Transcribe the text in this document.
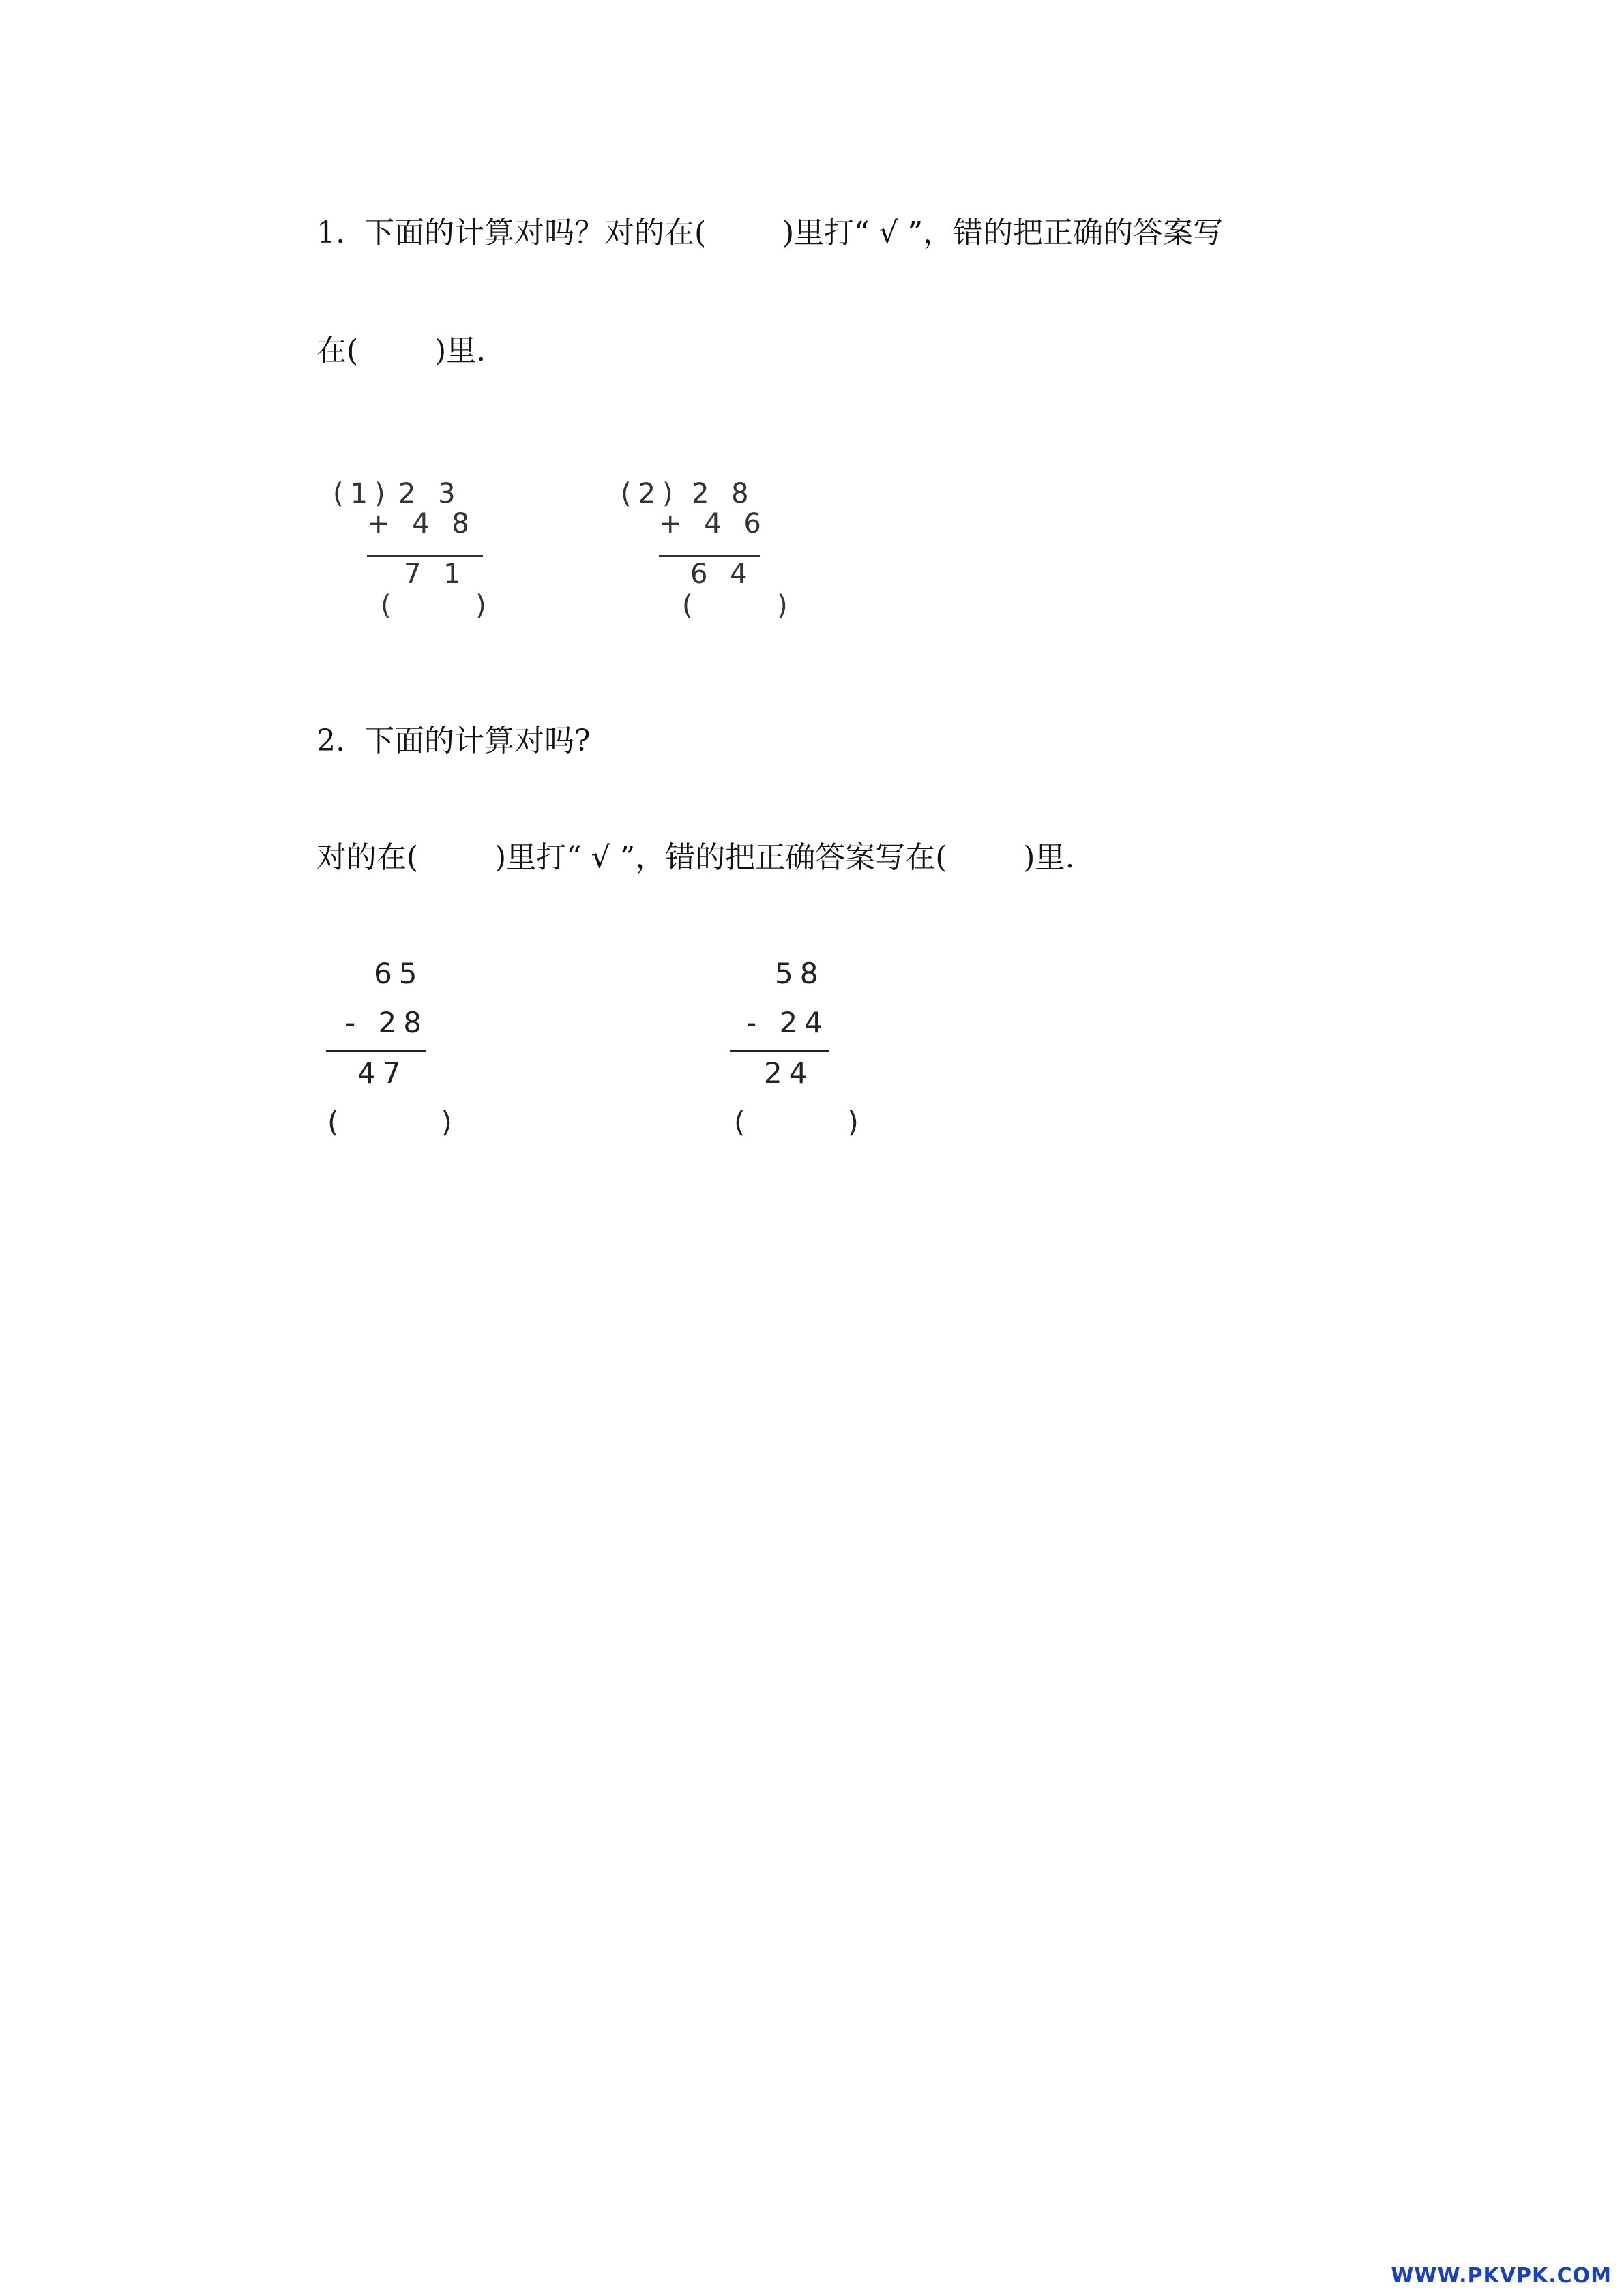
1.  下面的计算对吗？对的在(        )里打“ √ ”，错的把正确的答案写
在(        )里.

(1)

2 3

+ 4 8

7 1

(     )

(2)

2 8

+ 4 6

6 4

(     )

2.  下面的计算对吗?
对的在(        )里打“ √ ”，错的把正确答案写在(        )里.

65

- 28

47

(      )

58

- 24

24

(      )

WWW.PKVPK.COM
